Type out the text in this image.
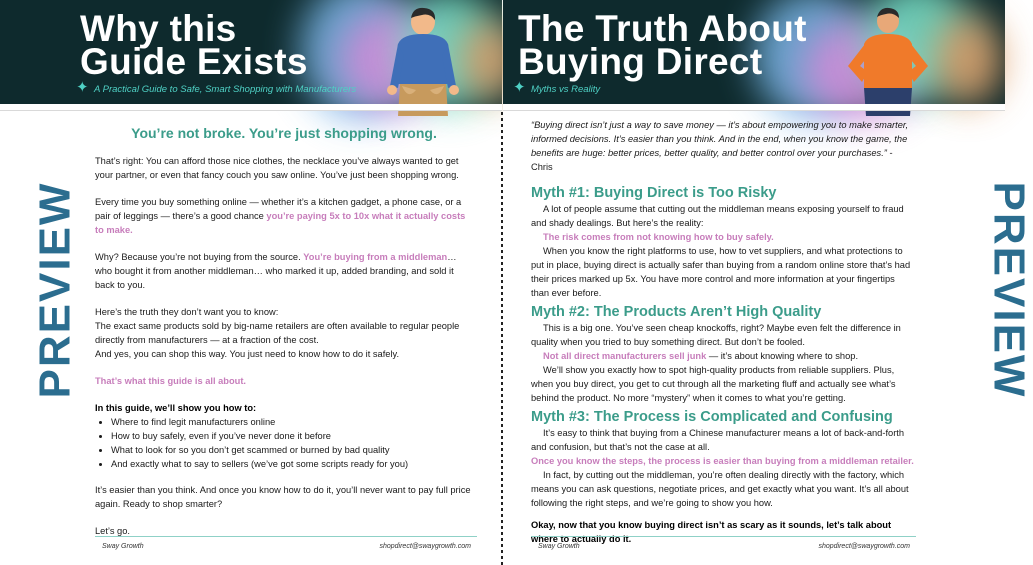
Why this
Guide Exists
✦ A Practical Guide to Safe, Smart Shopping with Manufacturers
PREVIEW

You’re not broke. You’re just shopping wrong.

That’s right: You can afford those nice clothes, the necklace you’ve always wanted to get your partner, or even that fancy couch you saw online. You’ve just been shopping wrong.

Every time you buy something online — whether it’s a kitchen gadget, a phone case, or a pair of leggings — there’s a good chance you’re paying 5x to 10x what it actually costs to make.

Why? Because you’re not buying from the source. You’re buying from a middleman… who bought it from another middleman… who marked it up, added branding, and sold it back to you.

Here’s the truth they don’t want you to know:

The exact same products sold by big-name retailers are often available to regular people directly from manufacturers — at a fraction of the cost.

And yes, you can shop this way. You just need to know how to do it safely.

That’s what this guide is all about.

In this guide, we’ll show you how to:

• Where to find legit manufacturers online
• How to buy safely, even if you’ve never done it before
• What to look for so you don’t get scammed or burned by bad quality
• And exactly what to say to sellers (we’ve got some scripts ready for you)

It’s easier than you think. And once you know how to do it, you’ll never want to pay full price again. Ready to shop smarter?

Let’s go.

Sway Growth	shopdirect@swaygrowth.com
The Truth About
Buying Direct
✦ Myths vs Reality

“Buying direct isn’t just a way to save money — it’s about empowering you to make smarter, informed decisions. It’s easier than you think. And in the end, when you know the game, the benefits are huge: better prices, better quality, and better control over your purchases.” - Chris

Myth #1: Buying Direct is Too Risky

A lot of people assume that cutting out the middleman means exposing yourself to fraud and shady dealings. But here’s the reality:

The risk comes from not knowing how to buy safely.

When you know the right platforms to use, how to vet suppliers, and what protections to put in place, buying direct is actually safer than buying from a random online store that’s had their prices marked up 5x. You have more control and more information at your fingertips than ever before.

Myth #2: The Products Aren’t High Quality

This is a big one. You’ve seen cheap knockoffs, right? Maybe even felt the difference in quality when you tried to buy something direct. But don’t be fooled.

Not all direct manufacturers sell junk — it’s about knowing where to shop.

We’ll show you exactly how to spot high-quality products from reliable suppliers. Plus, when you buy direct, you get to cut through all the marketing fluff and actually see what’s behind the product. No more “mystery” when it comes to what you’re getting.

Myth #3: The Process is Complicated and Confusing

It’s easy to think that buying from a Chinese manufacturer means a lot of back-and-forth and confusion, but that’s not the case at all.

Once you know the steps, the process is easier than buying from a middleman retailer.

In fact, by cutting out the middleman, you’re often dealing directly with the factory, which means you can ask questions, negotiate prices, and get exactly what you want. It’s all about following the right steps, and we’re going to show you how.

Okay, now that you know buying direct isn’t as scary as it sounds, let’s talk about where to actually do it.

Sway Growth	shopdirect@swaygrowth.com
PREVIEW
